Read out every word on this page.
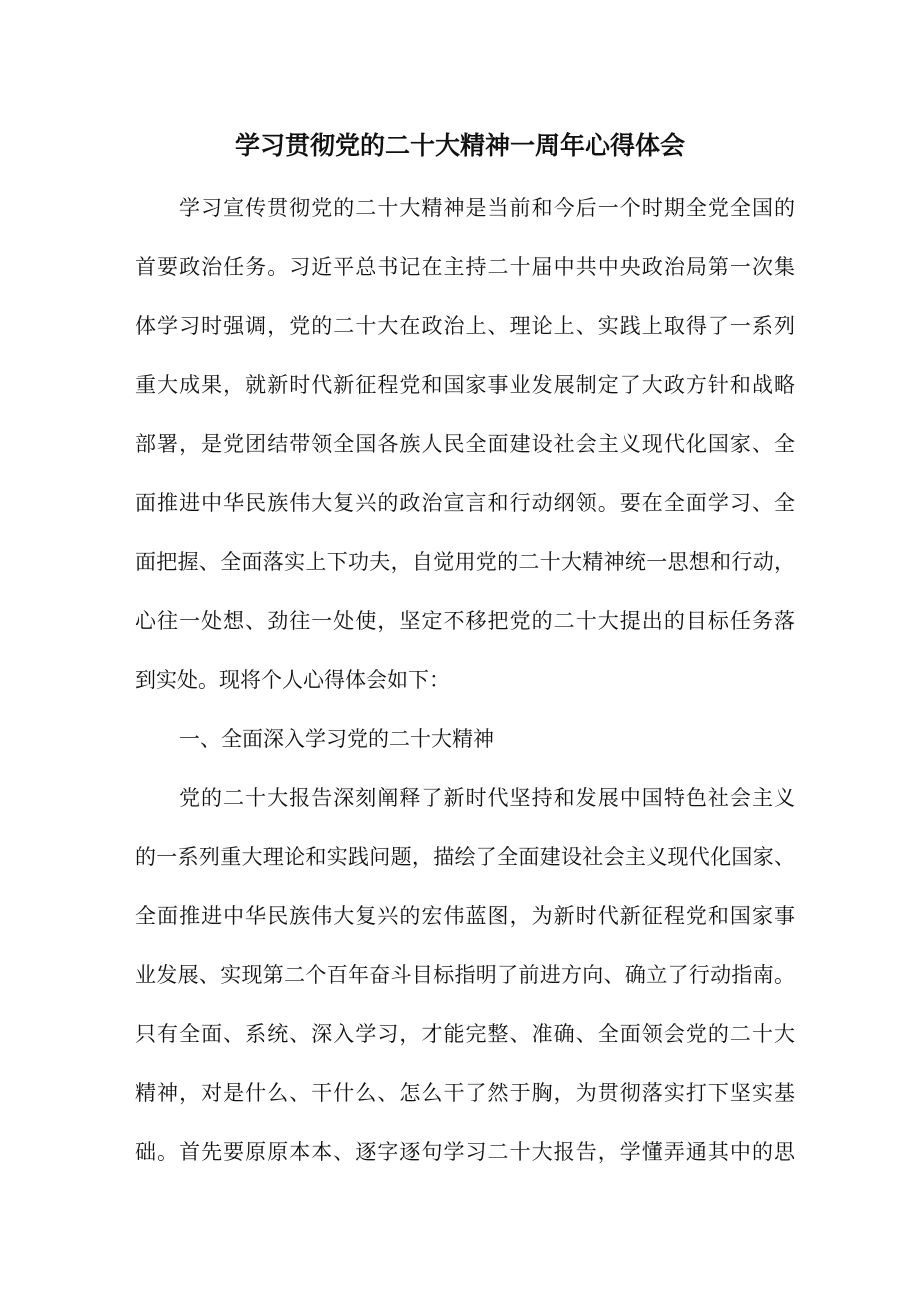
学习贯彻党的二十大精神一周年心得体会
学习宣传贯彻党的二十大精神是当前和今后一个时期全党全国的
首要政治任务。习近平总书记在主持二十届中共中央政治局第一次集
体学习时强调，党的二十大在政治上、理论上、实践上取得了一系列
重大成果，就新时代新征程党和国家事业发展制定了大政方针和战略
部署，是党团结带领全国各族人民全面建设社会主义现代化国家、全
面推进中华民族伟大复兴的政治宣言和行动纲领。要在全面学习、全
面把握、全面落实上下功夫，自觉用党的二十大精神统一思想和行动，
心往一处想、劲往一处使，坚定不移把党的二十大提出的目标任务落
到实处。现将个人心得体会如下：
一、全面深入学习党的二十大精神
党的二十大报告深刻阐释了新时代坚持和发展中国特色社会主义
的一系列重大理论和实践问题，描绘了全面建设社会主义现代化国家、
全面推进中华民族伟大复兴的宏伟蓝图，为新时代新征程党和国家事
业发展、实现第二个百年奋斗目标指明了前进方向、确立了行动指南。
只有全面、系统、深入学习，才能完整、准确、全面领会党的二十大
精神，对是什么、干什么、怎么干了然于胸，为贯彻落实打下坚实基
础。首先要原原本本、逐字逐句学习二十大报告，学懂弄通其中的思
